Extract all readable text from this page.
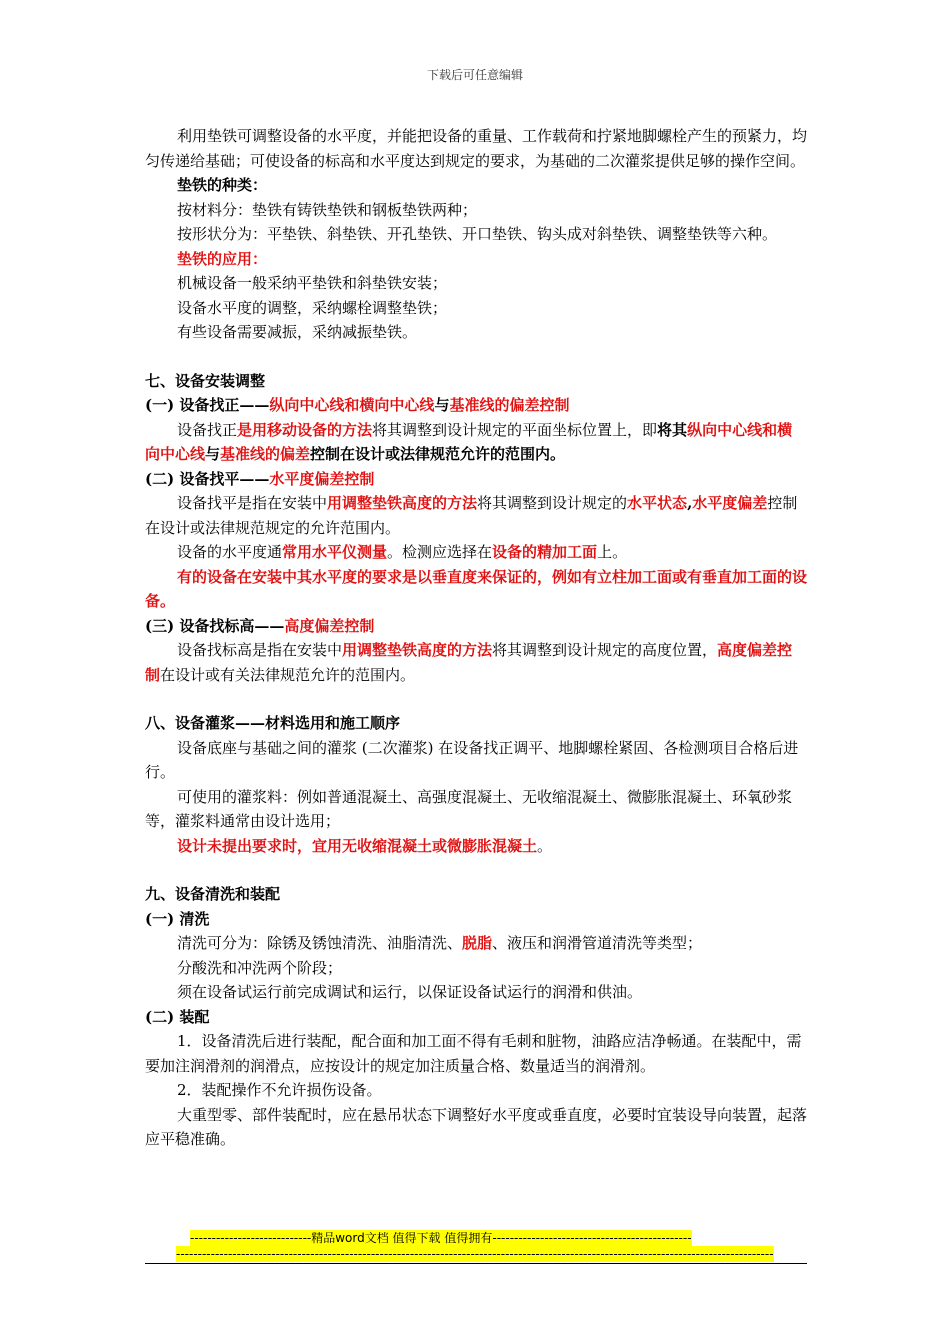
下载后可任意编辑

利用垫铁可调整设备的水平度，并能把设备的重量、工作载荷和拧紧地脚螺栓产生的预紧力，均匀传递给基础；可使设备的标高和水平度达到规定的要求，为基础的二次灌浆提供足够的操作空间。

垫铁的种类：

按材料分：垫铁有铸铁垫铁和钢板垫铁两种；

按形状分为：平垫铁、斜垫铁、开孔垫铁、开口垫铁、钩头成对斜垫铁、调整垫铁等六种。

垫铁的应用：

机械设备一般采纳平垫铁和斜垫铁安装；

设备水平度的调整，采纳螺栓调整垫铁；

有些设备需要减振，采纳减振垫铁。

七、设备安装调整

(一) 设备找正——纵向中心线和横向中心线与基准线的偏差控制

设备找正是用移动设备的方法将其调整到设计规定的平面坐标位置上，即将其纵向中心线和横向中心线与基准线的偏差控制在设计或法律规范允许的范围内。

(二) 设备找平——水平度偏差控制

设备找平是指在安装中用调整垫铁高度的方法将其调整到设计规定的水平状态,水平度偏差控制在设计或法律规范规定的允许范围内。

设备的水平度通常用水平仪测量。检测应选择在设备的精加工面上。

有的设备在安装中其水平度的要求是以垂直度来保证的，例如有立柱加工面或有垂直加工面的设备。

(三) 设备找标高——高度偏差控制

设备找标高是指在安装中用调整垫铁高度的方法将其调整到设计规定的高度位置，高度偏差控制在设计或有关法律规范允许的范围内。

八、设备灌浆——材料选用和施工顺序

设备底座与基础之间的灌浆 (二次灌浆) 在设备找正调平、地脚螺栓紧固、各检测项目合格后进行。

可使用的灌浆料：例如普通混凝土、高强度混凝土、无收缩混凝土、微膨胀混凝土、环氧砂浆等，灌浆料通常由设计选用；

设计未提出要求时，宜用无收缩混凝土或微膨胀混凝土。

九、设备清洗和装配

(一) 清洗

清洗可分为：除锈及锈蚀清洗、油脂清洗、脱脂、液压和润滑管道清洗等类型；

分酸洗和冲洗两个阶段；

须在设备试运行前完成调试和运行，以保证设备试运行的润滑和供油。

(二) 装配

1．设备清洗后进行装配，配合面和加工面不得有毛刺和脏物，油路应洁净畅通。在装配中，需要加注润滑剂的润滑点，应按设计的规定加注质量合格、数量适当的润滑剂。

2．装配操作不允许损伤设备。

大重型零、部件装配时，应在悬吊状态下调整好水平度或垂直度，必要时宜装设导向装置，起落应平稳准确。

----------------------------精品word文档 值得下载 值得拥有----------------------------------------------
------------------------------------------------------------------------------------------------------------------------------------------
